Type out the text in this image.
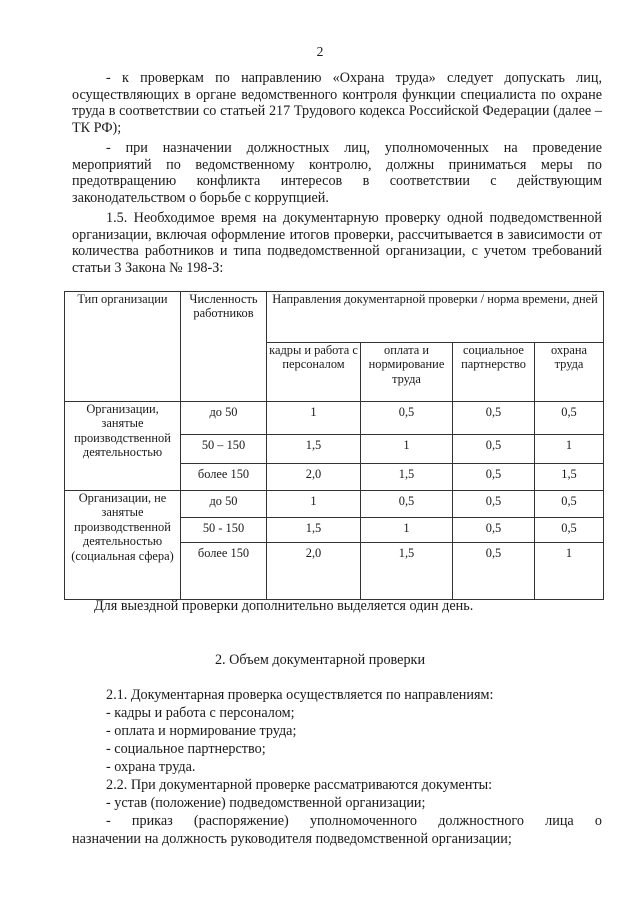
2
- к проверкам по направлению «Охрана труда» следует допускать лиц, осуществляющих в органе ведомственного контроля функции специалиста по охране труда в соответствии со статьей 217 Трудового кодекса Российской Федерации (далее – ТК РФ);
- при назначении должностных лиц, уполномоченных на проведение мероприятий по ведомственному контролю, должны приниматься меры по предотвращению конфликта интересов в соответствии с действующим законодательством о борьбе с коррупцией.
1.5. Необходимое время на документарную проверку одной подведомственной организации, включая оформление итогов проверки, рассчитывается в зависимости от количества работников и типа подведомственной организации, с учетом требований статьи 3 Закона № 198-З:
Тип организации	Численность работников	Направления документарной проверки / норма времени, дней			
		кадры и работа с персоналом	оплата и нормирование труда	социальное партнерство	охрана труда
Организации, занятые производственной деятельностью	до 50	1	0,5	0,5	0,5
	50 – 150	1,5	1	0,5	1
	более 150	2,0	1,5	0,5	1,5
Организации, не занятые производственной деятельностью (социальная сфера)	до 50	1	0,5	0,5	0,5
	50 - 150	1,5	1	0,5	0,5
	более 150	2,0	1,5	0,5	1
Для выездной проверки дополнительно выделяется один день.
2. Объем документарной проверки
2.1. Документарная проверка осуществляется по направлениям:
- кадры и работа с персоналом;
- оплата и нормирование труда;
- социальное партнерство;
- охрана труда.
2.2. При документарной проверке рассматриваются документы:
- устав (положение) подведомственной организации;
- приказ (распоряжение) уполномоченного должностного лица о
назначении на должность руководителя подведомственной организации;
